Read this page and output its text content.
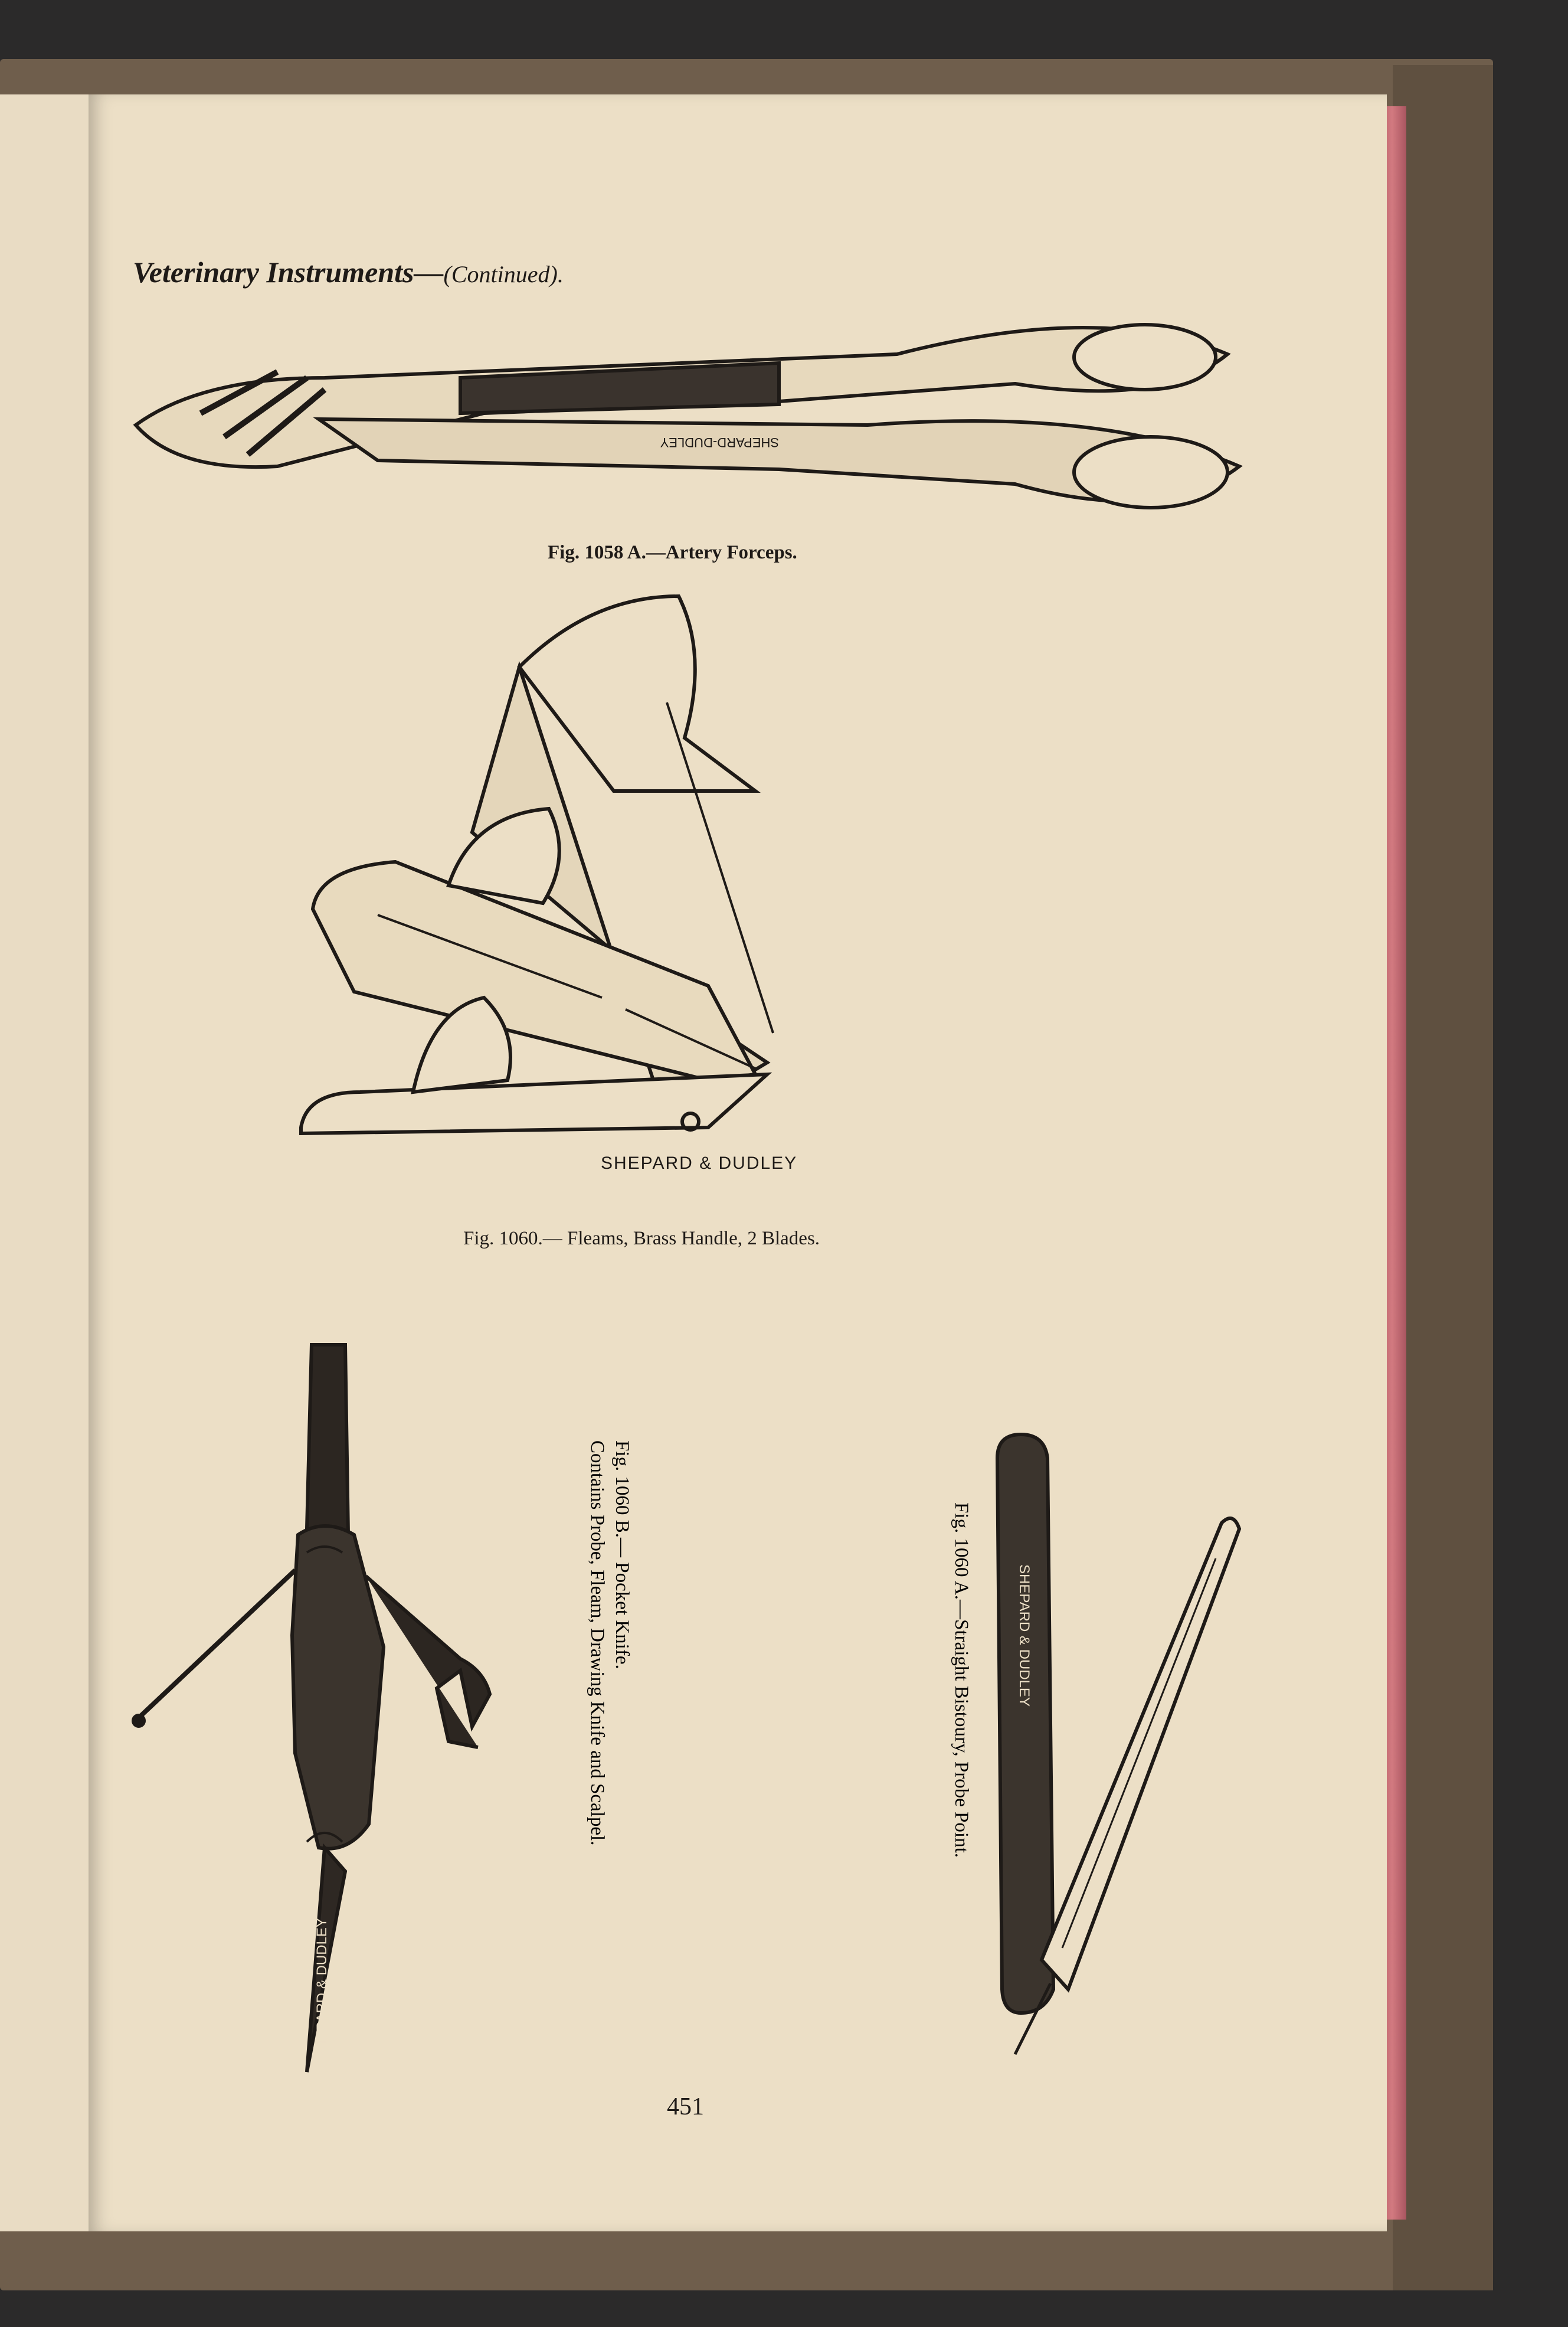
Veterinary Instruments—(Continued).
SHEPARD-DUDLEY
Fig. 1058 A.—Artery Forceps.
SHEPARD & DUDLEY
Fig. 1060.— Fleams, Brass Handle, 2 Blades.
SHEPARD & DUDLEY
Fig. 1060 B.— Pocket Knife.
Contains Probe, Fleam, Drawing Knife and Scalpel.	SHEPARD & DUDLEY
Fig. 1060 A.—Straight Bistoury, Probe Point.
451
